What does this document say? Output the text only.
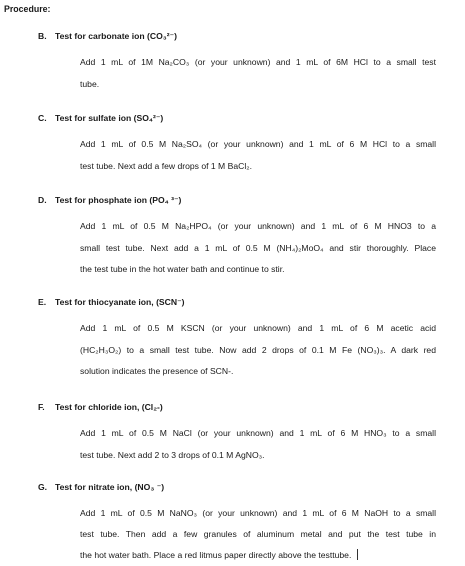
Procedure:
B. Test for carbonate ion (CO₃²⁻)
Add 1 mL of 1M Na₂CO₃ (or your unknown) and 1 mL of 6M HCl to a small test
tube.
C. Test for sulfate ion (SO₄²⁻)
Add 1 mL of 0.5 M Na₂SO₄ (or your unknown) and 1 mL of 6 M HCl to a small
test tube. Next add a few drops of 1 M BaCl₂.
D. Test for phosphate ion (PO₄ ³⁻)
Add 1 mL of 0.5 M Na₂HPO₄ (or your unknown) and 1 mL of 6 M HNO3 to a
small test tube. Next add a 1 mL of 0.5 M (NH₄)₂MoO₄ and stir thoroughly. Place
the test tube in the hot water bath and continue to stir.
E. Test for thiocyanate ion, (SCN⁻)
Add 1 mL of 0.5 M KSCN (or your unknown) and 1 mL of 6 M acetic acid
(HC₂H₃O₂) to a small test tube. Now add 2 drops of 0.1 M Fe (NO₃)₃. A dark red
solution indicates the presence of SCN-.
F. Test for chloride ion, (Cl₂-)
Add 1 mL of 0.5 M NaCl (or your unknown) and 1 mL of 6 M HNO₃ to a small
test tube. Next add 2 to 3 drops of 0.1 M AgNO₃.
G. Test for nitrate ion, (NO₃ ⁻)
Add 1 mL of 0.5 M NaNO₃ (or your unknown) and 1 mL of 6 M NaOH to a small
test tube. Then add a few granules of aluminum metal and put the test tube in
the hot water bath. Place a red litmus paper directly above the testtube.
